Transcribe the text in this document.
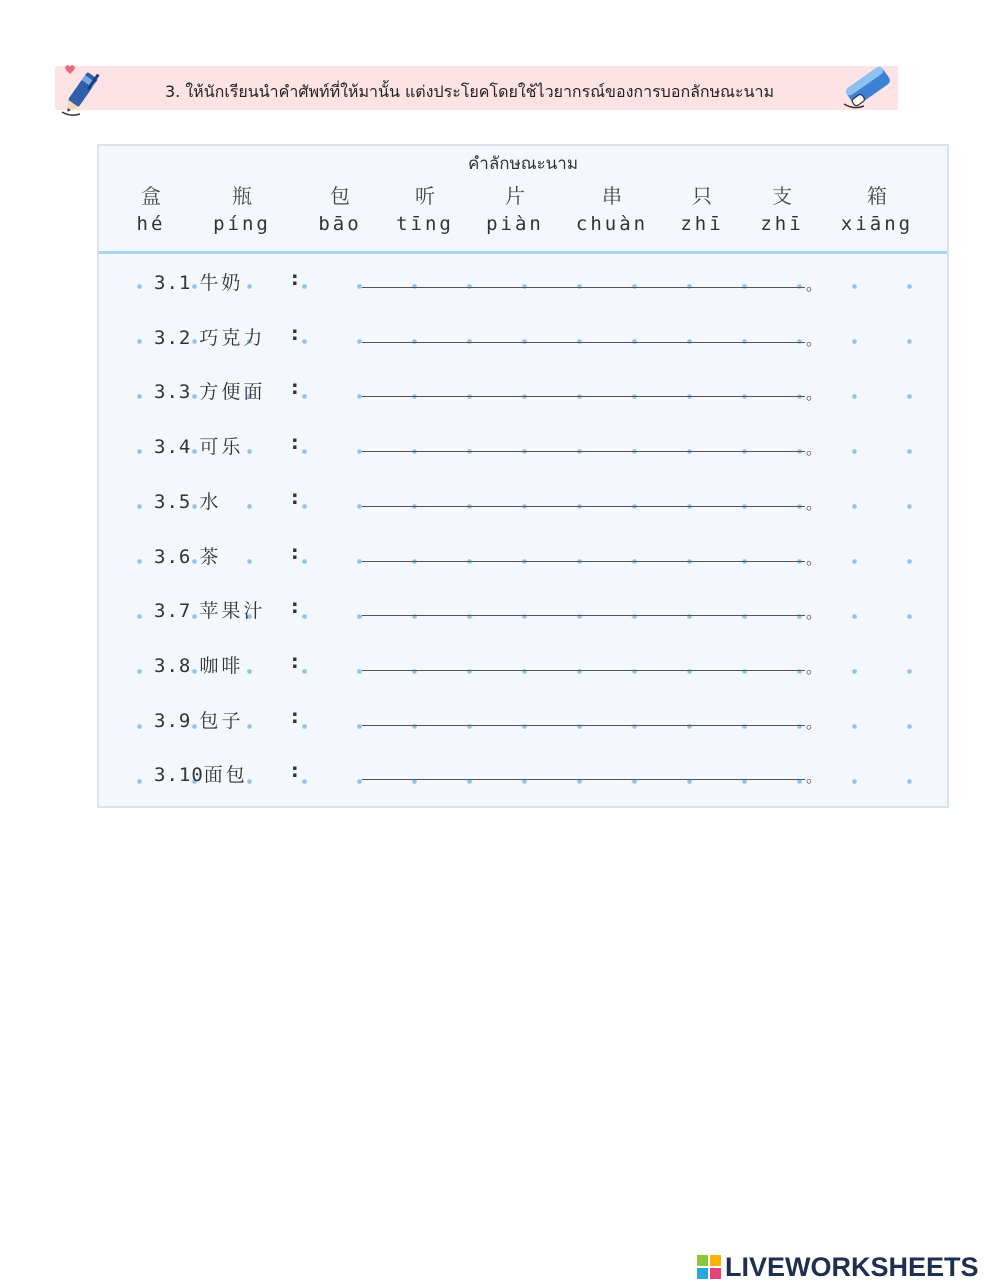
3. ให้นักเรียนนำคำศัพท์ที่ให้มานั้น แต่งประโยคโดยใช้ไวยากรณ์ของการบอกลักษณะนาม
คำลักษณะนาม
盒
hé
瓶
píng
包
bāo
听
tīng
片
piàn
串
chuàn
只
zhī
支
zhī
箱
xiāng
3.1 牛奶	:	。
3.2 巧克力 :	。
3.3 方便面 :	。
3.4 可乐	:	。
3.5 水	:	。
3.6 茶	:	。
3.7 苹果汁 :	。
3.8 咖啡	:	。
3.9 包子	:	。
3.10面包 :	。
LIVEWORKSHEETS
